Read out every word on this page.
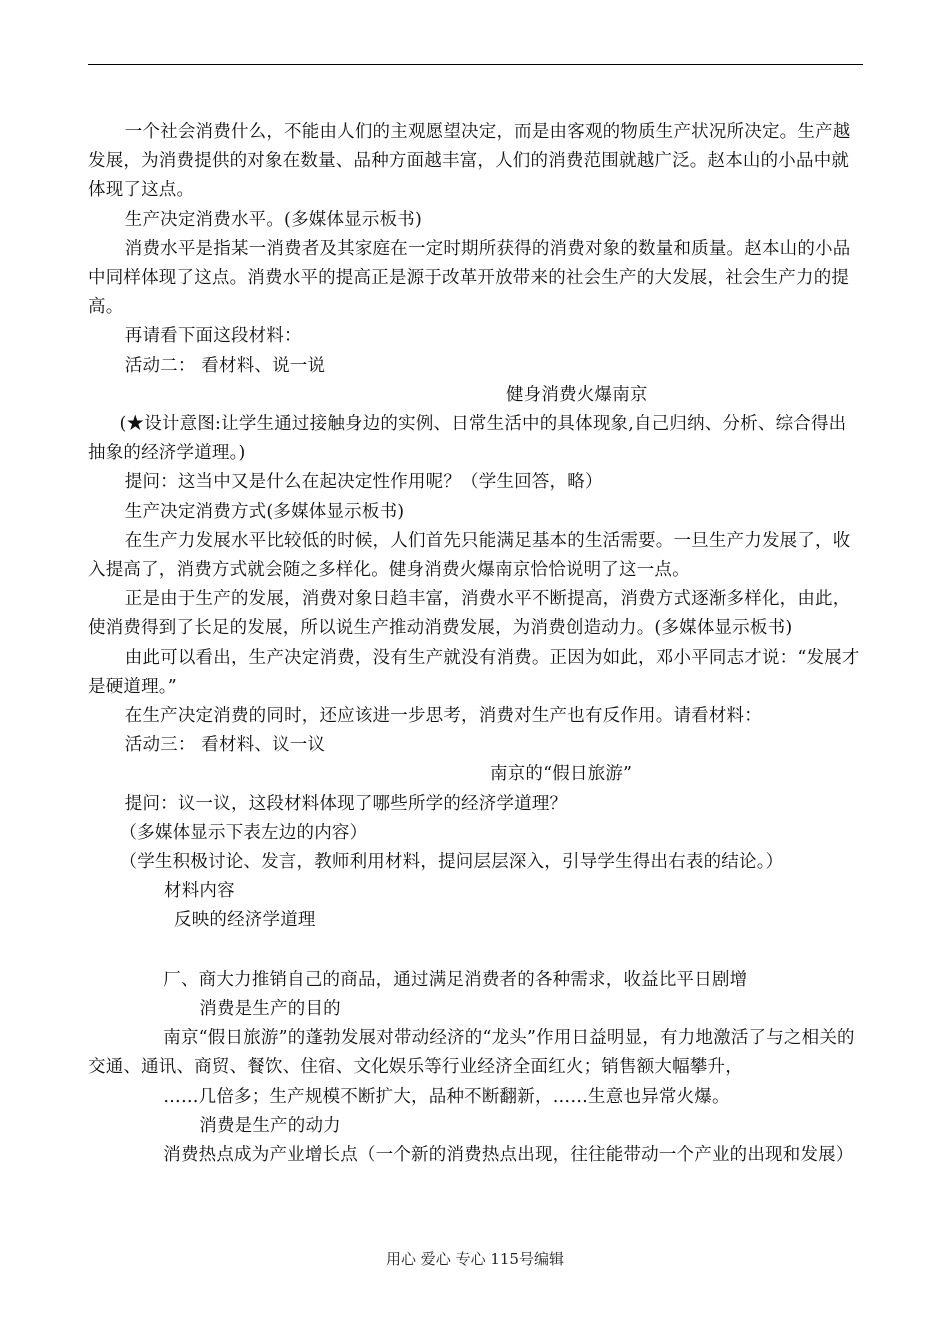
一个社会消费什么，不能由人们的主观愿望决定，而是由客观的物质生产状况所决定。生产越发展，为消费提供的对象在数量、品种方面越丰富，人们的消费范围就越广泛。赵本山的小品中就体现了这点。

生产决定消费水平。(多媒体显示板书)

消费水平是指某一消费者及其家庭在一定时期所获得的消费对象的数量和质量。赵本山的小品中同样体现了这点。消费水平的提高正是源于改革开放带来的社会生产的大发展，社会生产力的提高。

再请看下面这段材料：

活动二： 看材料、说一说

健身消费火爆南京

(★设计意图:让学生通过接触身边的实例、日常生活中的具体现象,自己归纳、分析、综合得出抽象的经济学道理。)

提问：这当中又是什么在起决定性作用呢？（学生回答，略）

生产决定消费方式(多媒体显示板书)

在生产力发展水平比较低的时候，人们首先只能满足基本的生活需要。一旦生产力发展了，收入提高了，消费方式就会随之多样化。健身消费火爆南京恰恰说明了这一点。

正是由于生产的发展，消费对象日趋丰富，消费水平不断提高，消费方式逐渐多样化，由此，使消费得到了长足的发展，所以说生产推动消费发展，为消费创造动力。(多媒体显示板书)

由此可以看出，生产决定消费，没有生产就没有消费。正因为如此，邓小平同志才说：“发展才是硬道理。”

在生产决定消费的同时，还应该进一步思考，消费对生产也有反作用。请看材料：

活动三： 看材料、议一议

南京的“假日旅游”

提问：议一议，这段材料体现了哪些所学的经济学道理？

（多媒体显示下表左边的内容）

（学生积极讨论、发言，教师利用材料，提问层层深入，引导学生得出右表的结论。）

材料内容

反映的经济学道理

厂、商大力推销自己的商品，通过满足消费者的各种需求，收益比平日剧增消费是生产的目的

南京“假日旅游”的蓬勃发展对带动经济的“龙头”作用日益明显，有力地激活了与之相关的交通、通讯、商贸、餐饮、住宿、文化娱乐等行业经济全面红火；销售额大幅攀升，

……几倍多；生产规模不断扩大，品种不断翻新，……生意也异常火爆。消费是生产的动力

消费热点成为产业增长点（一个新的消费热点出现，往往能带动一个产业的出现和发展）

用心 爱心 专心 115号编辑
